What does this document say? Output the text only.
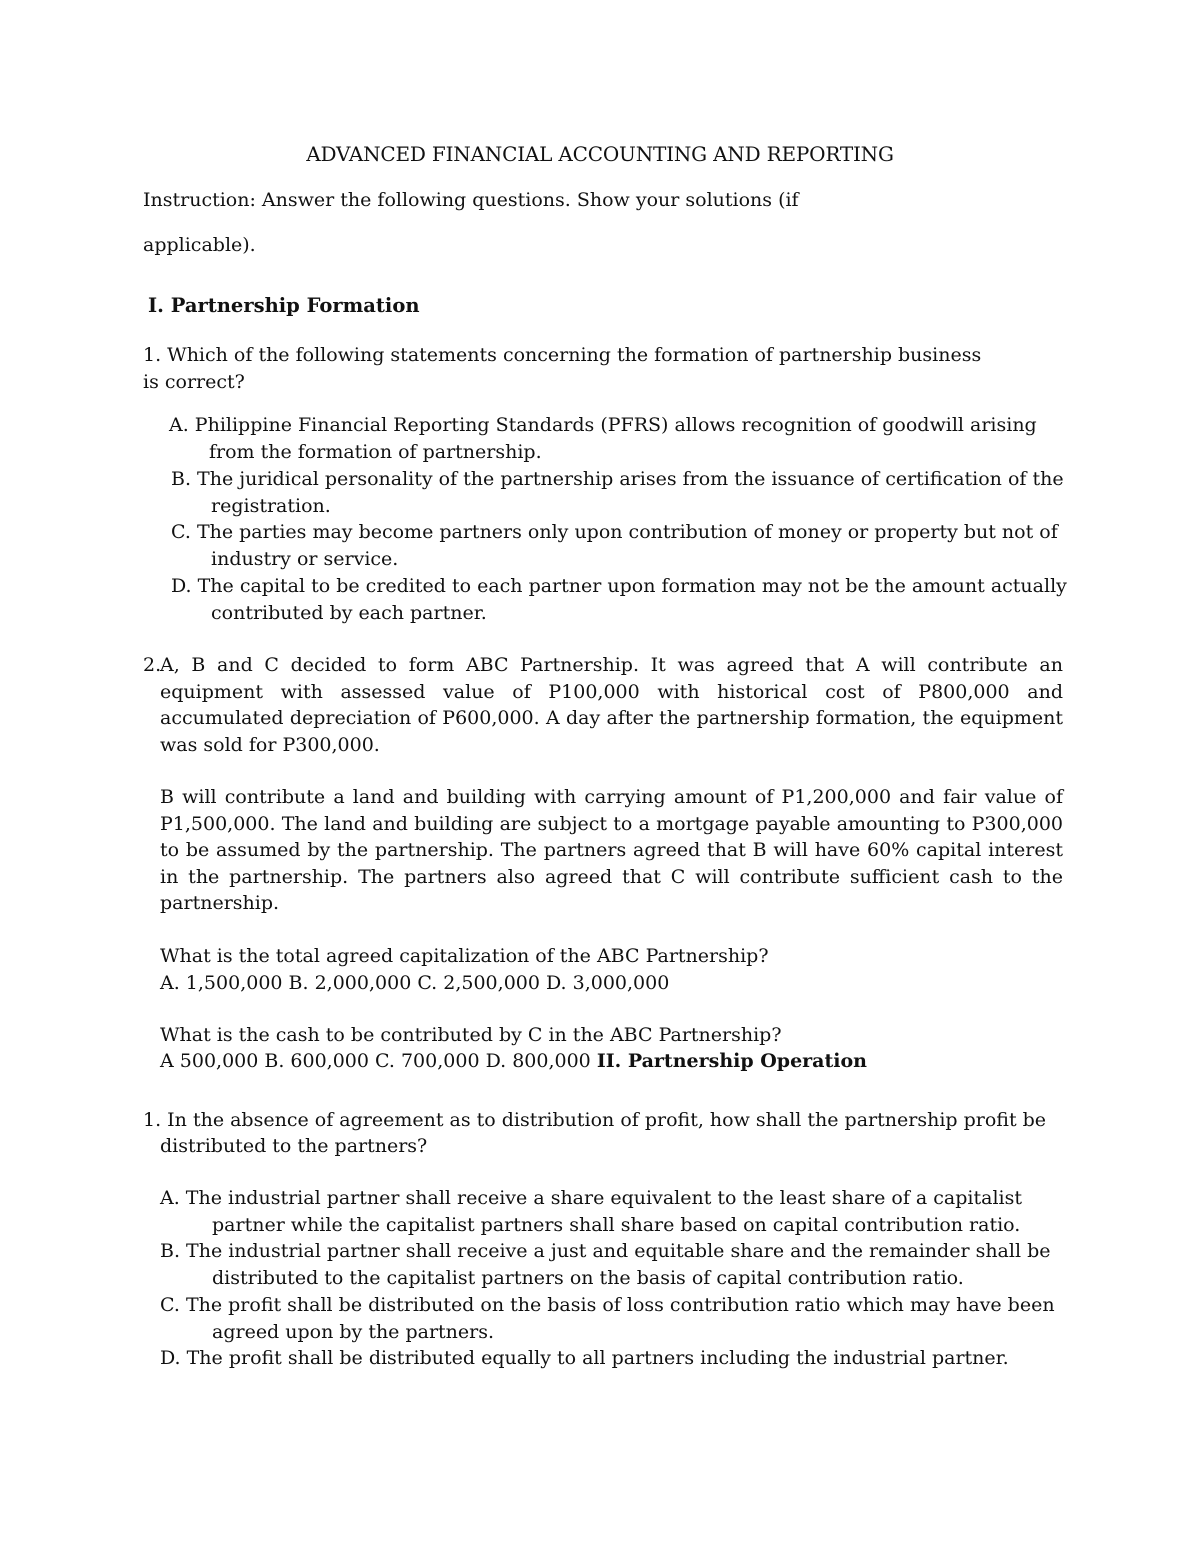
ADVANCED FINANCIAL ACCOUNTING AND REPORTING
Instruction: Answer the following questions. Show your solutions (if
applicable).
I. Partnership Formation
1. Which of the following statements concerning the formation of partnership business is correct?
A. Philippine Financial Reporting Standards (PFRS) allows recognition of goodwill arising
from the formation of partnership.
B. The juridical personality of the partnership arises from the issuance of certification of the
registration.
C. The parties may become partners only upon contribution of money or property but not of
industry or service.
D. The capital to be credited to each partner upon formation may not be the amount actually
contributed by each partner.
2.
A, B and C decided to form ABC Partnership. It was agreed that A will contribute an equipment with assessed value of P100,000 with historical cost of P800,000 and accumulated depreciation of P600,000. A day after the partnership formation, the equipment was sold for P300,000.
B will contribute a land and building with carrying amount of P1,200,000 and fair value of P1,500,000. The land and building are subject to a mortgage payable amounting to P300,000 to be assumed by the partnership. The partners agreed that B will have 60% capital interest in the partnership. The partners also agreed that C will contribute sufficient cash to the partnership.
What is the total agreed capitalization of the ABC Partnership?
A. 1,500,000 B. 2,000,000 C. 2,500,000 D. 3,000,000
What is the cash to be contributed by C in the ABC Partnership?
A 500,000 B. 600,000 C. 700,000 D. 800,000 II. Partnership Operation
1. In the absence of agreement as to distribution of profit, how shall the partnership profit be
distributed to the partners?
A. The industrial partner shall receive a share equivalent to the least share of a capitalist
partner while the capitalist partners shall share based on capital contribution ratio.
B. The industrial partner shall receive a just and equitable share and the remainder shall be
distributed to the capitalist partners on the basis of capital contribution ratio.
C. The profit shall be distributed on the basis of loss contribution ratio which may have been
agreed upon by the partners.
D. The profit shall be distributed equally to all partners including the industrial partner.
